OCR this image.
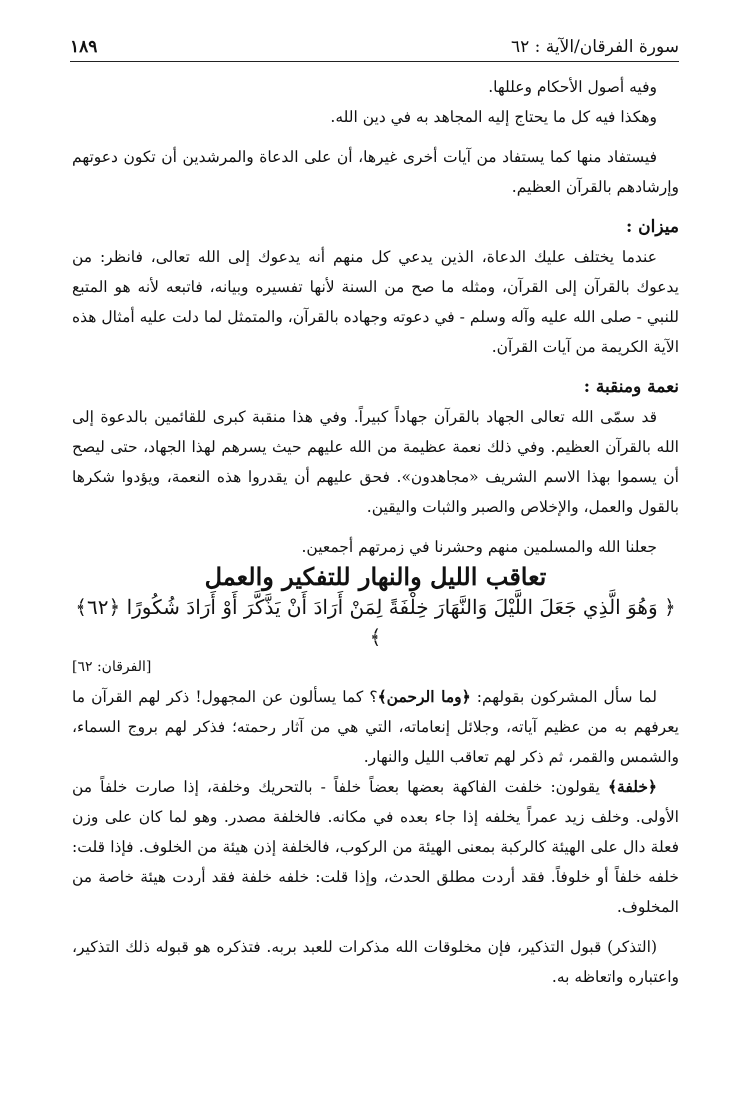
١٨٩	سورة الفرقان/الآية : ٦٢

وفيه أصول الأحكام وعللها.

وهكذا فيه كل ما يحتاج إليه المجاهد به في دين الله.

فيستفاد منها كما يستفاد من آيات أخرى غيرها، أن على الدعاة والمرشدين أن تكون دعوتهم وإرشادهم بالقرآن العظيم.

ميزان :

عندما يختلف عليك الدعاة، الذين يدعي كل منهم أنه يدعوك إلى الله تعالى، فانظر: من يدعوك بالقرآن إلى القرآن، ومثله ما صح من السنة لأنها تفسيره وبيانه، فاتبعه لأنه هو المتبع للنبي - صلى الله عليه وآله وسلم - في دعوته وجهاده بالقرآن، والمتمثل لما دلت عليه أمثال هذه الآية الكريمة من آيات القرآن.

نعمة ومنقبة :

قد سمّى الله تعالى الجهاد بالقرآن جهاداً كبيراً. وفي هذا منقبة كبرى للقائمين بالدعوة إلى الله بالقرآن العظيم. وفي ذلك نعمة عظيمة من الله عليهم حيث يسرهم لهذا الجهاد، حتى ليصح أن يسموا بهذا الاسم الشريف «مجاهدون». فحق عليهم أن يقدروا هذه النعمة، ويؤدوا شكرها بالقول والعمل، والإخلاص والصبر والثبات واليقين.

جعلنا الله والمسلمين منهم وحشرنا في زمرتهم أجمعين.

تعاقب الليل والنهار للتفكير والعمل

﴿ وَهُوَ الَّذِي جَعَلَ اللَّيْلَ وَالنَّهَارَ خِلْفَةً لِمَنْ أَرَادَ أَنْ يَذَّكَّرَ أَوْ أَرَادَ شُكُورًا ﴿٦٢﴾ ﴾

[الفرقان: ٦٢]

لما سأل المشركون بقولهم: ﴿وما الرحمن﴾؟ كما يسألون عن المجهول! ذكر لهم القرآن ما يعرفهم به من عظيم آياته، وجلائل إنعاماته، التي هي من آثار رحمته؛ فذكر لهم بروج السماء، والشمس والقمر، ثم ذكر لهم تعاقب الليل والنهار.

﴿خلفة﴾ يقولون: خلفت الفاكهة بعضها بعضاً خلفاً - بالتحريك وخلفة، إذا صارت خلفاً من الأولى. وخلف زيد عمراً يخلفه إذا جاء بعده في مكانه. فالخلفة مصدر. وهو لما كان على وزن فعلة دال على الهيئة كالركبة بمعنى الهيئة من الركوب، فالخلفة إذن هيئة من الخلوف. فإذا قلت: خلفه خلفاً أو خلوفاً. فقد أردت مطلق الحدث، وإذا قلت: خلفه خلفة فقد أردت هيئة خاصة من المخلوف.

(التذكر) قبول التذكير، فإن مخلوقات الله مذكرات للعبد بربه. فتذكره هو قبوله ذلك التذكير، واعتباره واتعاظه به.
